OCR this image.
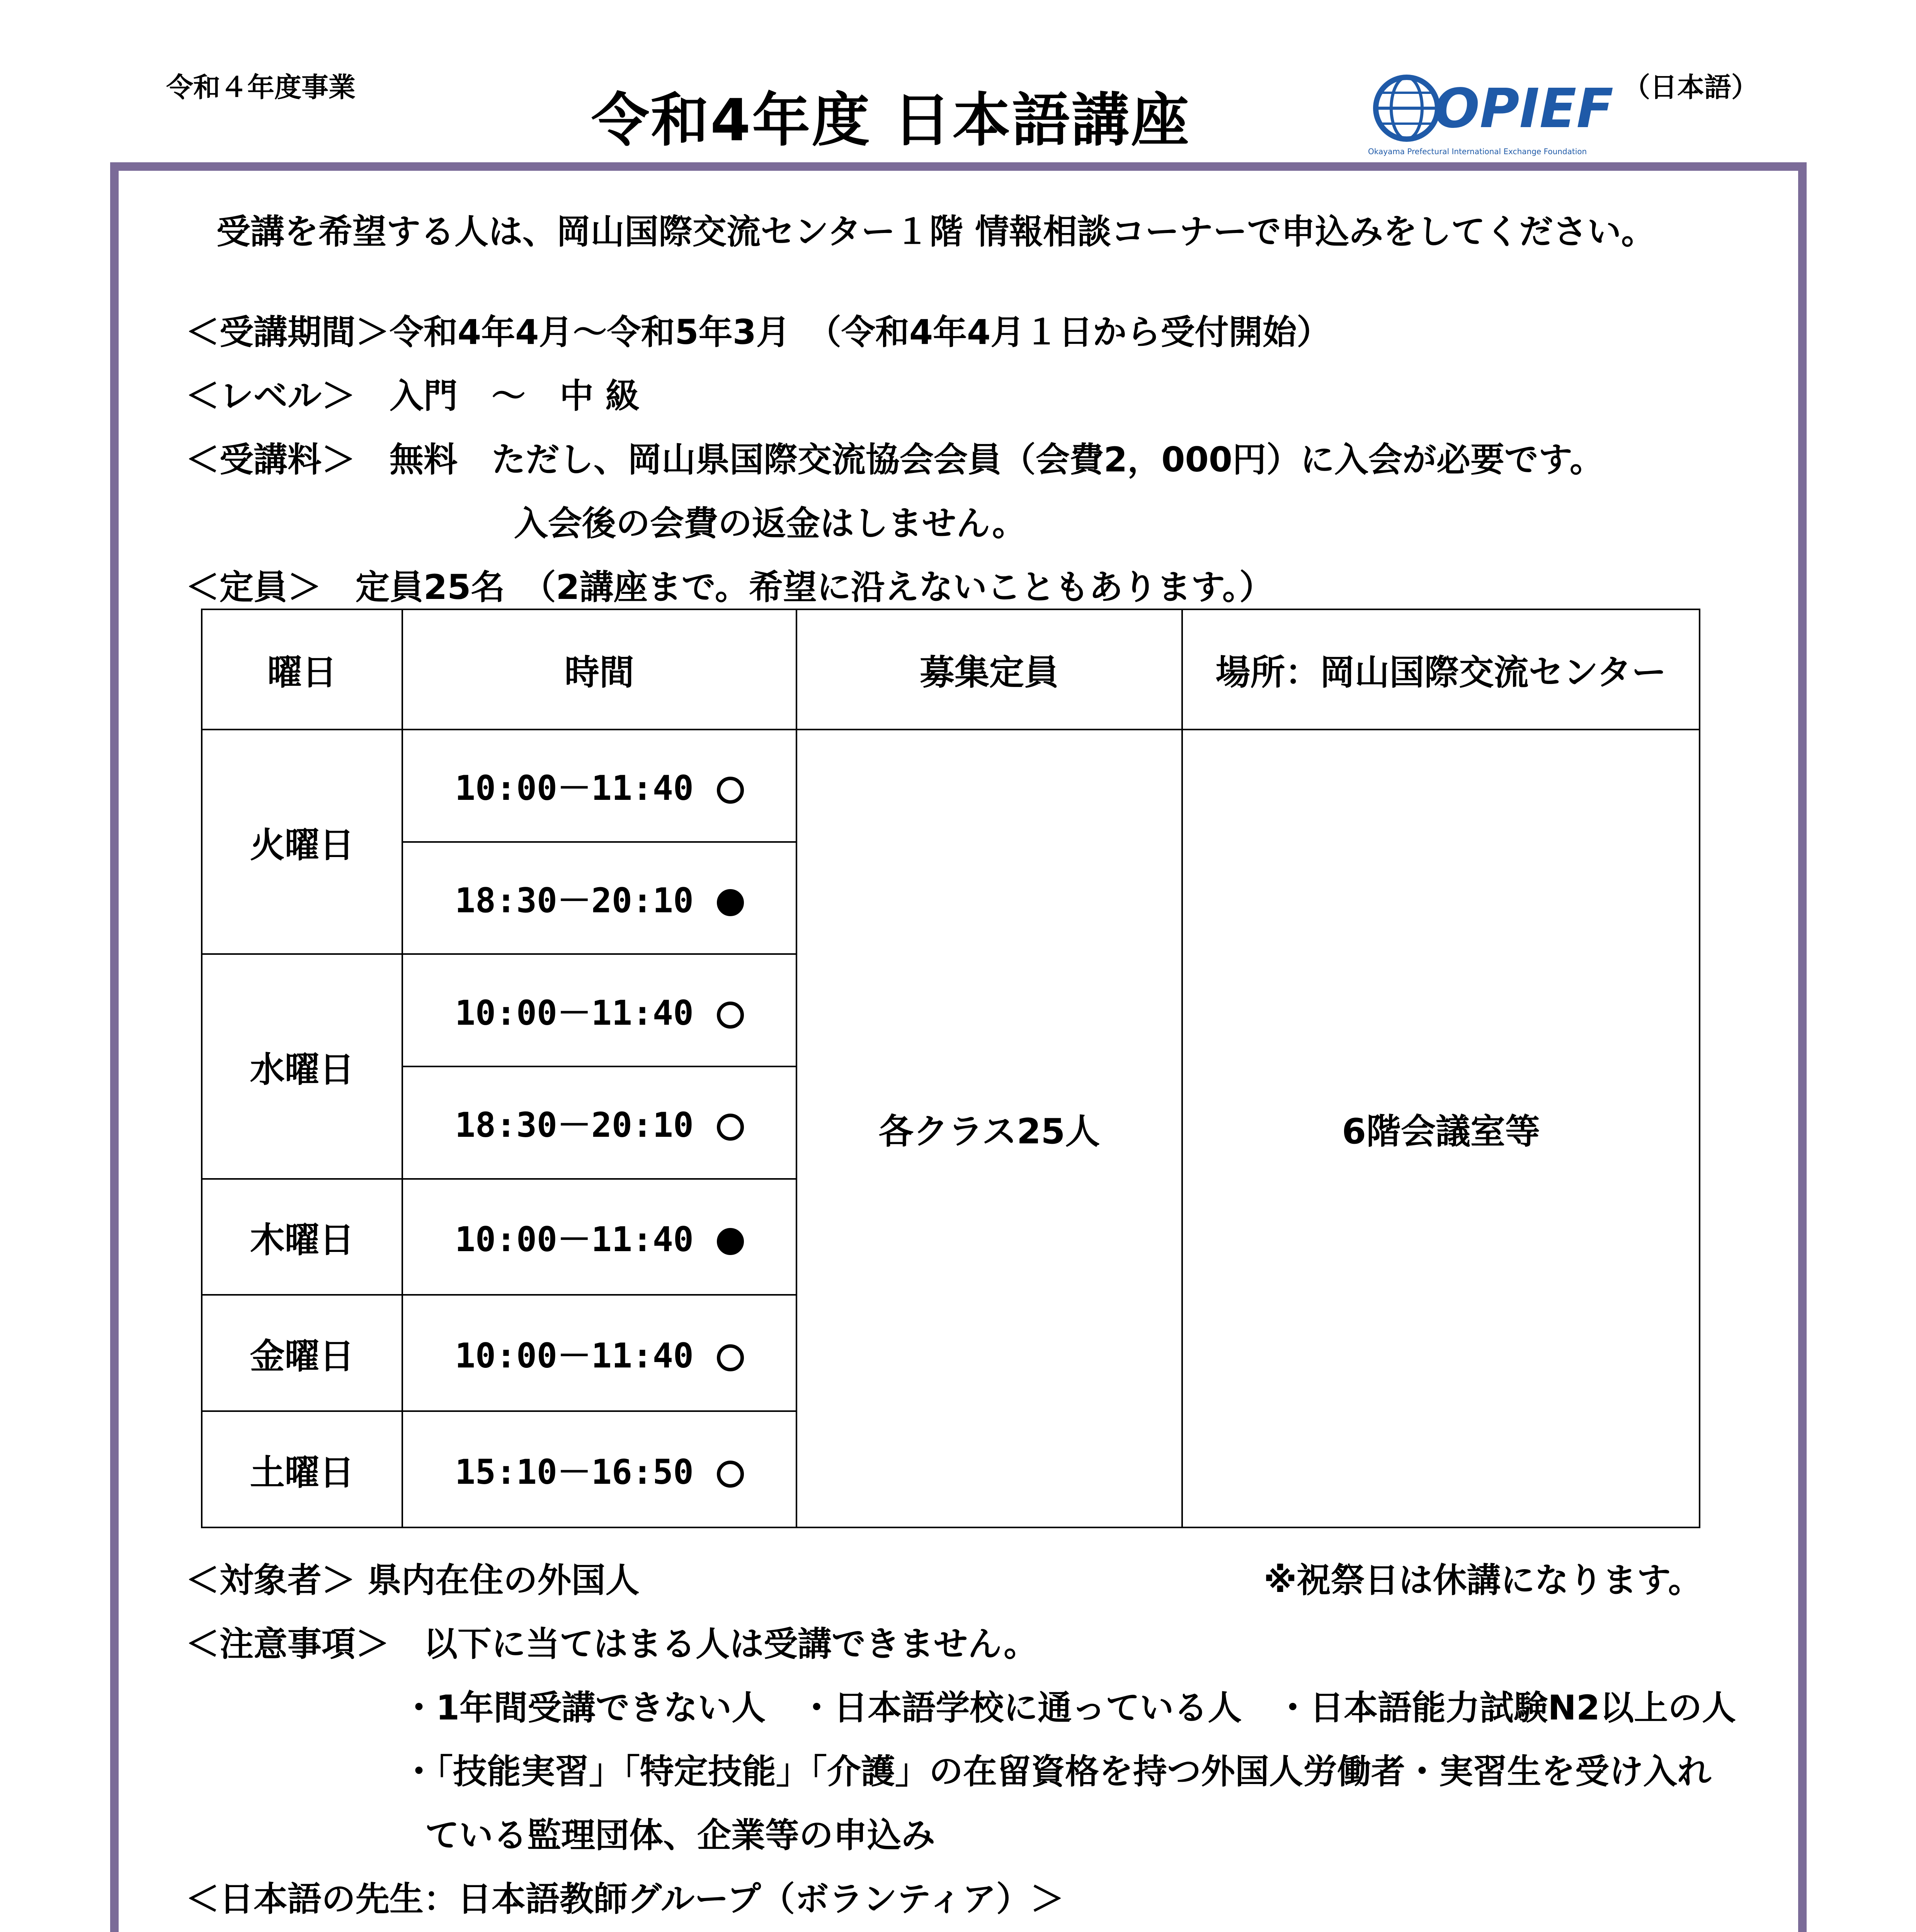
令和４年度事業	令和4年度 日本語講座	OPIEF
Okayama Prefectural International Exchange Foundation
（日本語）
受講を希望する人は、岡山国際交流センター１階 情報相談コーナーで申込みをしてください。
＜受講期間＞令和4年4月～令和5年3月　（令和4年4月１日から受付開始）
＜レベル＞　入門　～　中 級
＜受講料＞　無料　ただし、岡山県国際交流協会会員（会費2，000円）に入会が必要です。
入会後の会費の返金はしません。
＜定員＞　定員25名　（2講座まで。希望に沿えないこともあります。）
曜日	時間	募集定員	場所：岡山国際交流センター
火曜日	10:00－11:40	各クラス25人	6階会議室等
	18:30－20:10		
水曜日	10:00－11:40		
	18:30－20:10		
木曜日	10:00－11:40		
金曜日	10:00－11:40		
土曜日	15:10－16:50		
＜対象者＞ 県内在住の外国人	※祝祭日は休講になります。
＜注意事項＞　以下に当てはまる人は受講できません。
・1年間受講できない人　・日本語学校に通っている人　・日本語能力試験N2以上の人
・「技能実習」「特定技能」「介護」の在留資格を持つ外国人労働者・実習生を受け入れ
ている監理団体、企業等の申込み
＜日本語の先生：日本語教師グループ（ボランティア）＞
